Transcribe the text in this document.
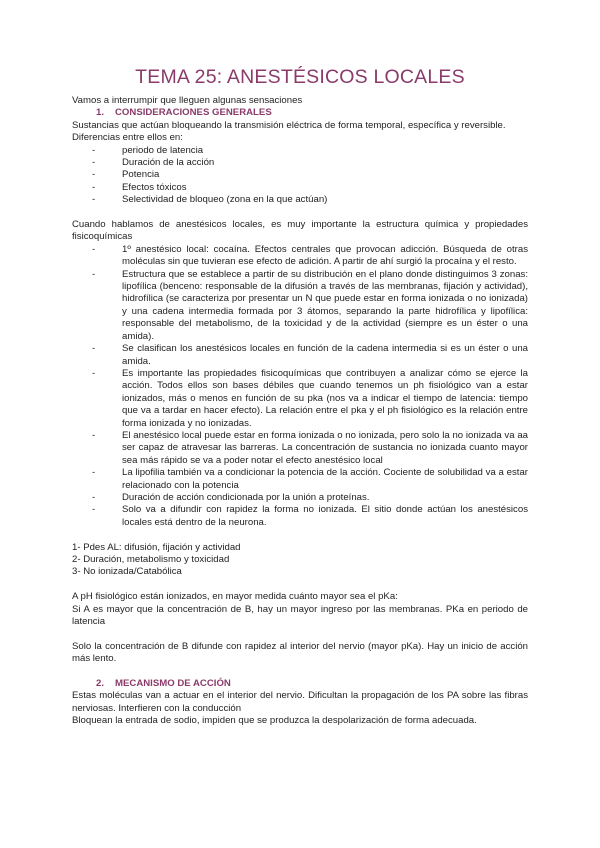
TEMA 25: ANESTÉSICOS LOCALES

Vamos a interrumpir que lleguen algunas sensaciones

1. CONSIDERACIONES GENERALES

Sustancias que actúan bloqueando la transmisión eléctrica de forma temporal, específica y reversible.

Diferencias entre ellos en:

- periodo de latencia
- Duración de la acción
- Potencia
- Efectos tóxicos
- Selectividad de bloqueo (zona en la que actúan)

Cuando hablamos de anestésicos locales, es muy importante la estructura química y propiedades fisicoquímicas

- 1º anestésico local: cocaína. Efectos centrales que provocan adicción. Búsqueda de otras moléculas sin que tuvieran ese efecto de adición. A partir de ahí surgió la procaína y el resto.
- Estructura que se establece a partir de su distribución en el plano donde distinguimos 3 zonas: lipofílica (benceno: responsable de la difusión a través de las membranas, fijación y actividad), hidrofílica (se caracteriza por presentar un N que puede estar en forma ionizada o no ionizada) y una cadena intermedia formada por 3 átomos, separando la parte hidrofílica y lipofílica: responsable del metabolismo, de la toxicidad y de la actividad (siempre es un éster o una amida).
- Se clasifican los anestésicos locales en función de la cadena intermedia si es un éster o una amida.
- Es importante las propiedades fisicoquímicas que contribuyen a analizar cómo se ejerce la acción. Todos ellos son bases débiles que cuando tenemos un ph fisiológico van a estar ionizados, más o menos en función de su pka (nos va a indicar el tiempo de latencia: tiempo que va a tardar en hacer efecto). La relación entre el pka y el ph fisiológico es la relación entre forma ionizada y no ionizadas.
- El anestésico local puede estar en forma ionizada o no ionizada, pero solo la no ionizada va aa ser capaz de atravesar las barreras. La concentración de sustancia no ionizada cuanto mayor sea más rápido se va a poder notar el efecto anestésico local
- La lipofilia también va a condicionar la potencia de la acción. Cociente de solubilidad va a estar relacionado con la potencia
- Duración de acción condicionada por la unión a proteínas.
- Solo va a difundir con rapidez la forma no ionizada. El sitio donde actúan los anestésicos locales está dentro de la neurona.

1- Pdes AL: difusión, fijación y actividad

2- Duración, metabolismo y toxicidad

3- No ionizada/Catabólica

A pH fisiológico están ionizados, en mayor medida cuánto mayor sea el pKa:

Si A es mayor que la concentración de B, hay un mayor ingreso por las membranas. PKa en periodo de latencia

Solo la concentración de B difunde con rapidez al interior del nervio (mayor pKa). Hay un inicio de acción más lento.

2. MECANISMO DE ACCIÓN

Estas moléculas van a actuar en el interior del nervio. Dificultan la propagación de los PA sobre las fibras nerviosas. Interfieren con la conducción

Bloquean la entrada de sodio, impiden que se produzca la despolarización de forma adecuada.
